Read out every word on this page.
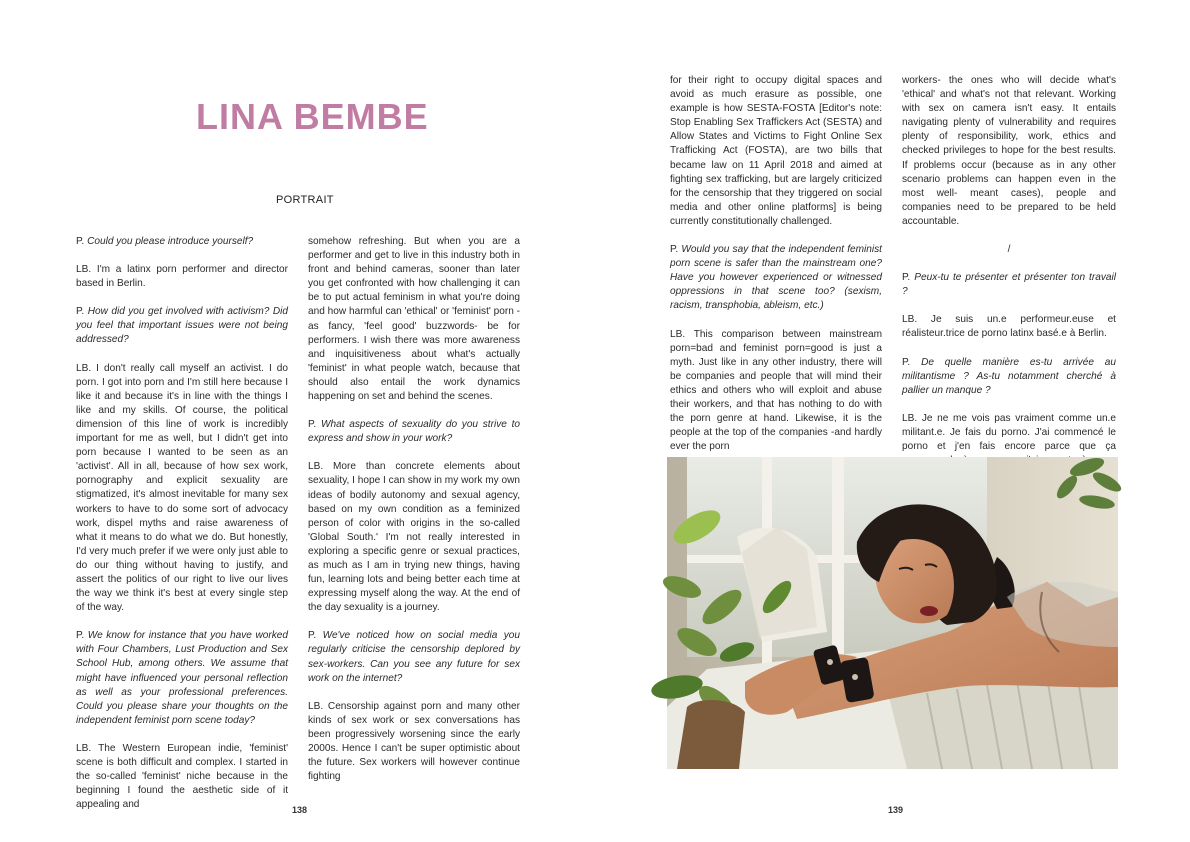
LINA BEMBE
PORTRAIT

P. Could you please introduce yourself?

LB. I'm a latinx porn performer and director based in Berlin.

P. How did you get involved with activism? Did you feel that important issues were not being addressed?

LB. I don't really call myself an activist. I do porn. I got into porn and I'm still here because I like it and because it's in line with the things I like and my skills. Of course, the political dimension of this line of work is incredibly important for me as well, but I didn't get into porn because I wanted to be seen as an 'activist'. All in all, because of how sex work, pornography and explicit sexuality are stigmatized, it's almost inevitable for many sex workers to have to do some sort of advocacy work, dispel myths and raise awareness of what it means to do what we do. But honestly, I'd very much prefer if we were only just able to do our thing without having to justify, and assert the politics of our right to live our lives the way we think it's best at every single step of the way.

P. We know for instance that you have worked with Four Chambers, Lust Production and Sex School Hub, among others. We assume that might have influenced your personal reflection as well as your professional preferences. Could you please share your thoughts on the independent feminist porn scene today?

LB. The Western European indie, 'feminist' scene is both difficult and complex. I started in the so-called 'feminist' niche because in the beginning I found the aesthetic side of it appealing and

somehow refreshing. But when you are a performer and get to live in this industry both in front and behind cameras, sooner than later you get confronted with how challenging it can be to put actual feminism in what you're doing and how harmful can 'ethical' or 'feminist' porn -as fancy, 'feel good' buzzwords- be for performers. I wish there was more awareness and inquisitiveness about what's actually 'feminist' in what people watch, because that should also entail the work dynamics happening on set and behind the scenes.

P. What aspects of sexuality do you strive to express and show in your work?

LB. More than concrete elements about sexuality, I hope I can show in my work my own ideas of bodily autonomy and sexual agency, based on my own condition as a feminized person of color with origins in the so-called 'Global South.' I'm not really interested in exploring a specific genre or sexual practices, as much as I am in trying new things, having fun, learning lots and being better each time at expressing myself along the way. At the end of the day sexuality is a journey.

P. We've noticed how on social media you regularly criticise the censorship deplored by sex-workers. Can you see any future for sex work on the internet?

LB. Censorship against porn and many other kinds of sex work or sex conversations has been progressively worsening since the early 2000s. Hence I can't be super optimistic about the future. Sex workers will however continue fighting

138	139

for their right to occupy digital spaces and avoid as much erasure as possible, one example is how SESTA-FOSTA [Editor's note: Stop Enabling Sex Traffickers Act (SESTA) and Allow States and Victims to Fight Online Sex Trafficking Act (FOSTA), are two bills that became law on 11 April 2018 and aimed at fighting sex trafficking, but are largely criticized for the censorship that they triggered on social media and other online platforms] is being currently constitutionally challenged.

P. Would you say that the independent feminist porn scene is safer than the mainstream one? Have you however experienced or witnessed oppressions in that scene too? (sexism, racism, transphobia, ableism, etc.)

LB. This comparison between mainstream porn=bad and feminist porn=good is just a myth. Just like in any other industry, there will be companies and people that will mind their ethics and others who will exploit and abuse their workers, and that has nothing to do with the porn genre at hand. Likewise, it is the people at the top of the companies -and hardly ever the porn

workers- the ones who will decide what's 'ethical' and what's not that relevant. Working with sex on camera isn't easy. It entails navigating plenty of vulnerability and requires plenty of responsibility, work, ethics and checked privileges to hope for the best results. If problems occur (because as in any other scenario problems can happen even in the most well- meant cases), people and companies need to be prepared to be held accountable.

/

P. Peux-tu te présenter et présenter ton travail ?

LB. Je suis un.e performeur.euse et réalisteur.trice de porno latinx basé.e à Berlin.

P. De quelle manière es-tu arrivée au militantisme ? As-tu notamment cherché à pallier un manque ?

LB. Je ne me vois pas vraiment comme un.e militant.e. Je fais du porno. J'ai commencé le porno et j'en fais encore parce que ça
